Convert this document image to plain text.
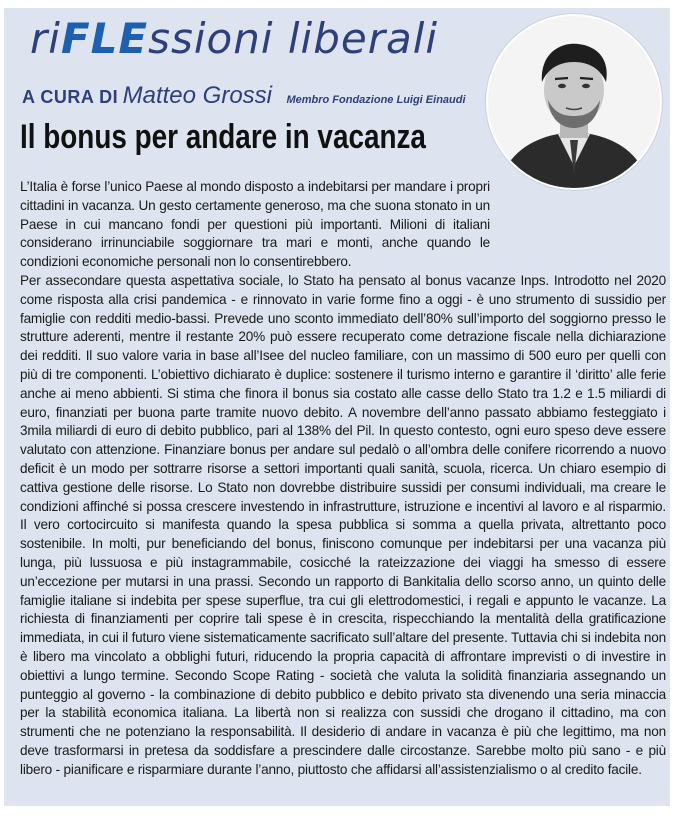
riFLEssioni liberali
A CURA DI Matteo Grossi Membro Fondazione Luigi Einaudi
Il bonus per andare in vacanza

L’Italia è forse l’unico Paese al mondo disposto a indebitarsi per mandare i propri cittadini in vacanza. Un gesto certamente generoso, ma che suona stonato in un Paese in cui mancano fondi per questioni più importanti. Milioni di italiani considerano irrinunciabile soggiornare tra mari e monti, anche quando le condizioni economiche personali non lo consentirebbero.

Per assecondare questa aspettativa sociale, lo Stato ha pensato al bonus vacanze Inps. Introdotto nel 2020 come risposta alla crisi pandemica - e rinnovato in varie forme fino a oggi - è uno strumento di sussidio per famiglie con redditi medio-bassi. Prevede uno sconto immediato dell’80% sull’importo del soggiorno presso le strutture aderenti, mentre il restante 20% può essere recuperato come detrazione fiscale nella dichiarazione dei redditi. Il suo valore varia in base all’Isee del nucleo familiare, con un massimo di 500 euro per quelli con più di tre componenti. L’obiettivo dichiarato è duplice: sostenere il turismo interno e garantire il ‘diritto’ alle ferie anche ai meno abbienti. Si stima che finora il bonus sia costato alle casse dello Stato tra 1.2 e 1.5 miliardi di euro, finanziati per buona parte tramite nuovo debito. A novembre dell’anno passato abbiamo festeggiato i 3mila miliardi di euro di debito pubblico, pari al 138% del Pil. In questo contesto, ogni euro speso deve essere valutato con attenzione. Finanziare bonus per andare sul pedalò o all’ombra delle conifere ricorrendo a nuovo deficit è un modo per sottrarre risorse a settori importanti quali sanità, scuola, ricerca. Un chiaro esempio di cattiva gestione delle risorse. Lo Stato non dovrebbe distribuire sussidi per consumi individuali, ma creare le condizioni affinché si possa crescere investendo in infrastrutture, istruzione e incentivi al lavoro e al risparmio. Il vero cortocircuito si manifesta quando la spesa pubblica si somma a quella privata, altrettanto poco sostenibile. In molti, pur beneficiando del bonus, finiscono comunque per indebitarsi per una vacanza più lunga, più lussuosa e più instagrammabile, cosicché la rateizzazione dei viaggi ha smesso di essere un’eccezione per mutarsi in una prassi. Secondo un rapporto di Bankitalia dello scorso anno, un quinto delle famiglie italiane si indebita per spese superflue, tra cui gli elettrodomestici, i regali e appunto le vacanze. La richiesta di finanziamenti per coprire tali spese è in crescita, rispecchiando la mentalità della gratificazione immediata, in cui il futuro viene sistematicamente sacrificato sull’altare del presente. Tuttavia chi si indebita non è libero ma vincolato a obblighi futuri, riducendo la propria capacità di affrontare imprevisti o di investire in obiettivi a lungo termine. Secondo Scope Rating - società che valuta la solidità finanziaria assegnando un punteggio al governo - la combinazione di debito pubblico e debito privato sta divenendo una seria minaccia per la stabilità economica italiana. La libertà non si realizza con sussidi che drogano il cittadino, ma con strumenti che ne potenziano la responsabilità. Il desiderio di andare in vacanza è più che legittimo, ma non deve trasformarsi in pretesa da soddisfare a prescindere dalle circostanze. Sarebbe molto più sano - e più libero - pianificare e risparmiare durante l’anno, piuttosto che affidarsi all’assistenzialismo o al credito facile.
